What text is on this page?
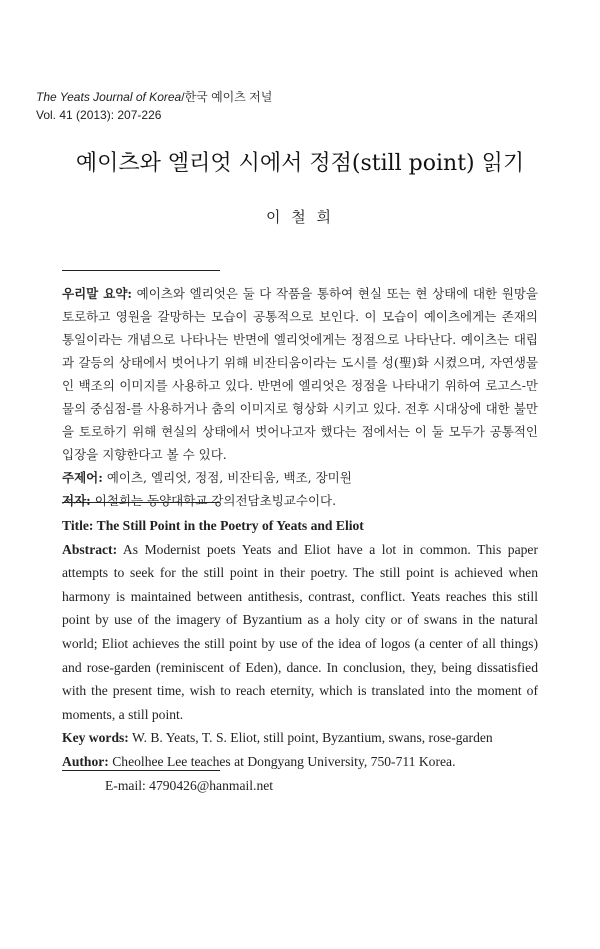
The Yeats Journal of Korea/한국 예이츠 저널
Vol. 41 (2013): 207-226
예이츠와 엘리엇 시에서 정점(still point) 읽기
이 철 희

우리말 요약: 예이츠와 엘리엇은 둘 다 작품을 통하여 현실 또는 현 상태에 대한 원망을 토로하고 영원을 갈망하는 모습이 공통적으로 보인다. 이 모습이 예이츠에게는 존재의 통일이라는 개념으로 나타나는 반면에 엘리엇에게는 정점으로 나타난다. 예이츠는 대립과 갈등의 상태에서 벗어나기 위해 비잔티움이라는 도시를 성(聖)화 시켰으며, 자연생물인 백조의 이미지를 사용하고 있다. 반면에 엘리엇은 정점을 나타내기 위하여 로고스-만물의 중심점-를 사용하거나 춤의 이미지로 형상화 시키고 있다. 전후 시대상에 대한 불만을 토로하기 위해 현실의 상태에서 벗어나고자 했다는 점에서는 이 둘 모두가 공통적인 입장을 지향한다고 볼 수 있다.

주제어: 예이츠, 엘리엇, 정점, 비잔티움, 백조, 장미원

저자: 이철희는 동양대학교 강의전담초빙교수이다.

Title: The Still Point in the Poetry of Yeats and Eliot

Abstract: As Modernist poets Yeats and Eliot have a lot in common. This paper attempts to seek for the still point in their poetry. The still point is achieved when harmony is maintained between antithesis, contrast, conflict. Yeats reaches this still point by use of the imagery of Byzantium as a holy city or of swans in the natural world; Eliot achieves the still point by use of the idea of logos (a center of all things) and rose-garden (reminiscent of Eden), dance. In conclusion, they, being dissatisfied with the present time, wish to reach eternity, which is translated into the moment of moments, a still point.

Key words: W. B. Yeats, T. S. Eliot, still point, Byzantium, swans, rose-garden

Author: Cheolhee Lee teaches at Dongyang University, 750-711 Korea.

E-mail: 4790426@hanmail.net
